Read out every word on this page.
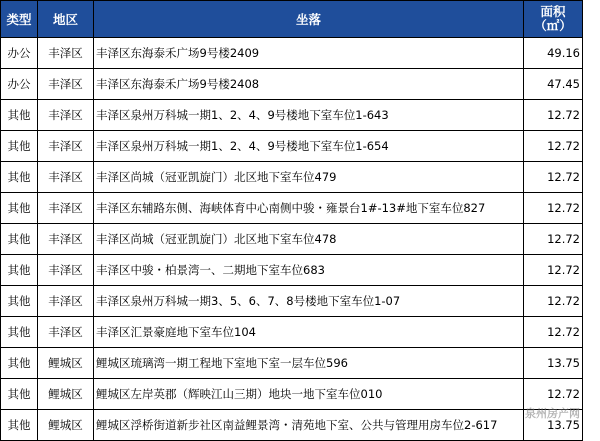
类型	地区	坐落	面积
（㎡）

办公	丰泽区	丰泽区东海泰禾广场9号楼2409	49.16
办公	丰泽区	丰泽区东海泰禾广场9号楼2408	47.45
其他	丰泽区	丰泽区泉州万科城一期1、2、4、9号楼地下室车位1-643	12.72
其他	丰泽区	丰泽区泉州万科城一期1、2、4、9号楼地下室车位1-654	12.72
其他	丰泽区	丰泽区尚城（冠亚凯旋门）北区地下室车位479	12.72
其他	丰泽区	丰泽区东辅路东侧、海峡体育中心南侧中骏・雍景台1#-13#地下室车位827	12.72
其他	丰泽区	丰泽区尚城（冠亚凯旋门）北区地下室车位478	12.72
其他	丰泽区	丰泽区中骏・柏景湾一、二期地下室车位683	12.72
其他	丰泽区	丰泽区泉州万科城一期3、5、6、7、8号楼地下室车位1-07	12.72
其他	丰泽区	丰泽区汇景豪庭地下室车位104	12.72
其他	鲤城区	鲤城区琉璃湾一期工程地下室地下室一层车位596	13.75
其他	鲤城区	鲤城区左岸英郡（辉映江山三期）地块一地下室车位010	12.72
其他	鲤城区	鲤城区浮桥街道新步社区南益鲤景湾・清苑地下室、公共与管理用房车位2-617	13.75
泉州房产网
